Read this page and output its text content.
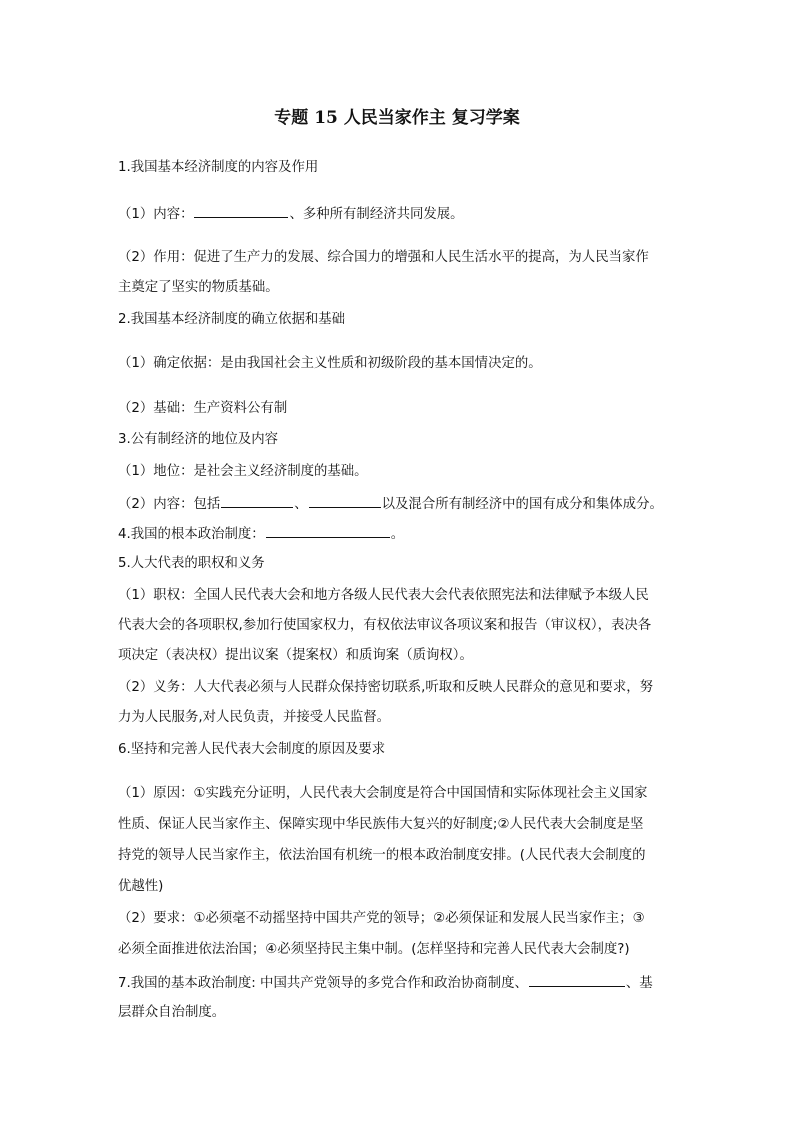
专题 15 人民当家作主 复习学案

1.我国基本经济制度的内容及作用

（1）内容：	、多种所有制经济共同发展。

（2）作用：促进了生产力的发展、综合国力的增强和人民生活水平的提高，为人民当家作

主奠定了坚实的物质基础。

2.我国基本经济制度的确立依据和基础

（1）确定依据：是由我国社会主义性质和初级阶段的基本国情决定的。

（2）基础：生产资料公有制

3.公有制经济的地位及内容

（1）地位：是社会主义经济制度的基础。

（2）内容：包括	、	以及混合所有制经济中的国有成分和集体成分。

4.我国的根本政治制度：	。

5.人大代表的职权和义务

（1）职权：全国人民代表大会和地方各级人民代表大会代表依照宪法和法律赋予本级人民

代表大会的各项职权,参加行使国家权力，有权依法审议各项议案和报告（审议权），表决各

项决定（表决权）提出议案（提案权）和质询案（质询权）。

（2）义务：人大代表必须与人民群众保持密切联系,听取和反映人民群众的意见和要求，努

力为人民服务,对人民负责，并接受人民监督。

6.坚持和完善人民代表大会制度的原因及要求

（1）原因：①实践充分证明，人民代表大会制度是符合中国国情和实际体现社会主义国家

性质、保证人民当家作主、保障实现中华民族伟大复兴的好制度;②人民代表大会制度是坚

持党的领导人民当家作主，依法治国有机统一的根本政治制度安排。(人民代表大会制度的

优越性)

（2）要求：①必须毫不动摇坚持中国共产党的领导；②必须保证和发展人民当家作主；③

必须全面推进依法治国；④必须坚持民主集中制。(怎样坚持和完善人民代表大会制度?)

7.我国的基本政治制度: 中国共产党领导的多党合作和政治协商制度、	、基

层群众自治制度。
